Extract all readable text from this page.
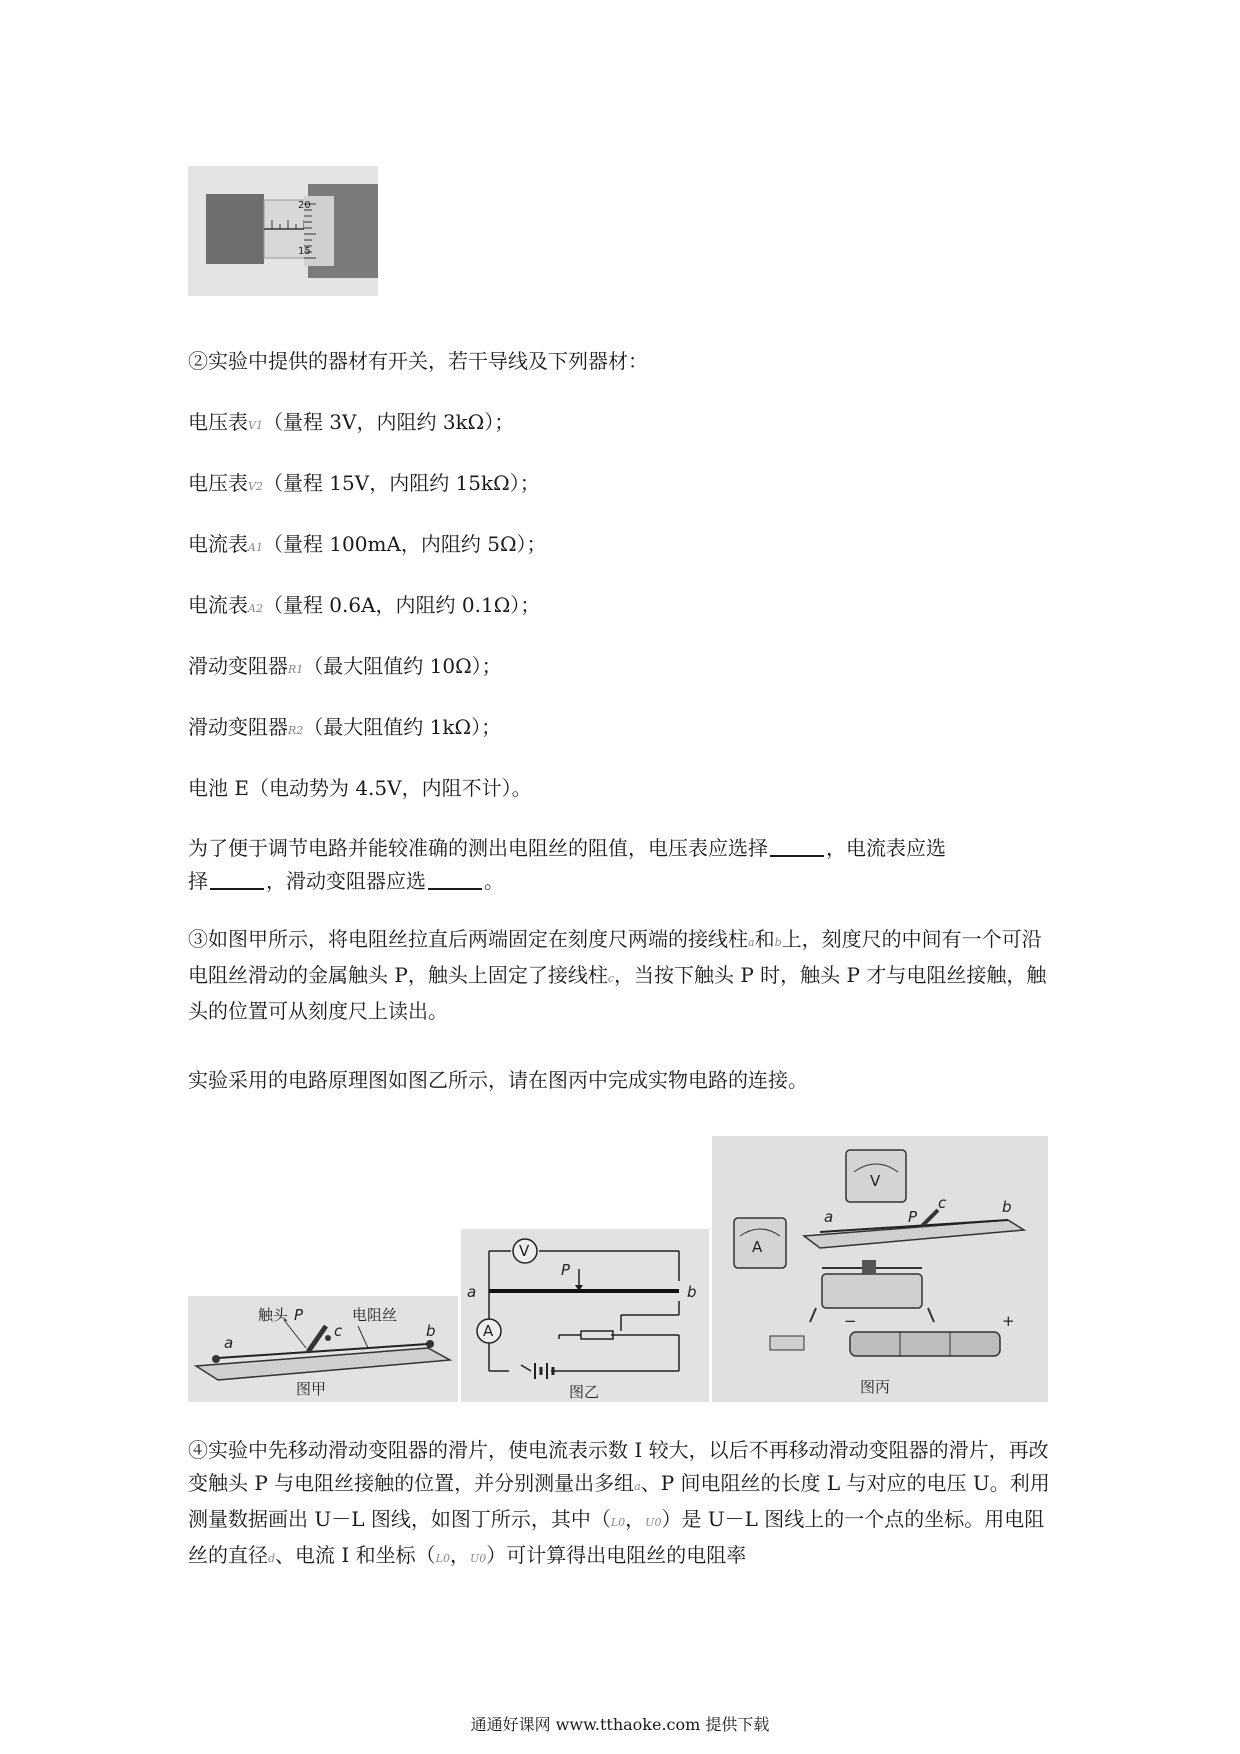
20
15
②实验中提供的器材有开关，若干导线及下列器材：
电压表V1（量程 3V，内阻约 3kΩ）；
电压表V2（量程 15V，内阻约 15kΩ）；
电流表A1（量程 100mA，内阻约 5Ω）；
电流表A2（量程 0.6A，内阻约 0.1Ω）；
滑动变阻器R1（最大阻值约 10Ω）；
滑动变阻器R2（最大阻值约 1kΩ）；
电池 E（电动势为 4.5V，内阻不计）。
为了便于调节电路并能较准确的测出电阻丝的阻值，电压表应选择	，电流表应选
择	，滑动变阻器应选	。
③如图甲所示，将电阻丝拉直后两端固定在刻度尺两端的接线柱a和b上，刻度尺的中间有一个可沿电阻丝滑动的金属触头 P，触头上固定了接线柱c，当按下触头 P 时，触头 P 才与电阻丝接触，触头的位置可从刻度尺上读出。
实验采用的电路原理图如图乙所示，请在图丙中完成实物电路的连接。
a
b
触头 P
c
电阻丝
图甲
V
A
P
a	b
图乙
V
A
a	P
c	b
−	+
图丙
④实验中先移动滑动变阻器的滑片，使电流表示数 I 较大，以后不再移动滑动变阻器的滑片，再改变触头 P 与电阻丝接触的位置，并分别测量出多组a、P 间电阻丝的长度 L 与对应的电压 U。利用测量数据画出 U－L 图线，如图丁所示，其中（L0，U0）是 U－L 图线上的一个点的坐标。用电阻丝的直径d、电流 I 和坐标（L0，U0）可计算得出电阻丝的电阻率
通通好课网 www.tthaoke.com 提供下载
